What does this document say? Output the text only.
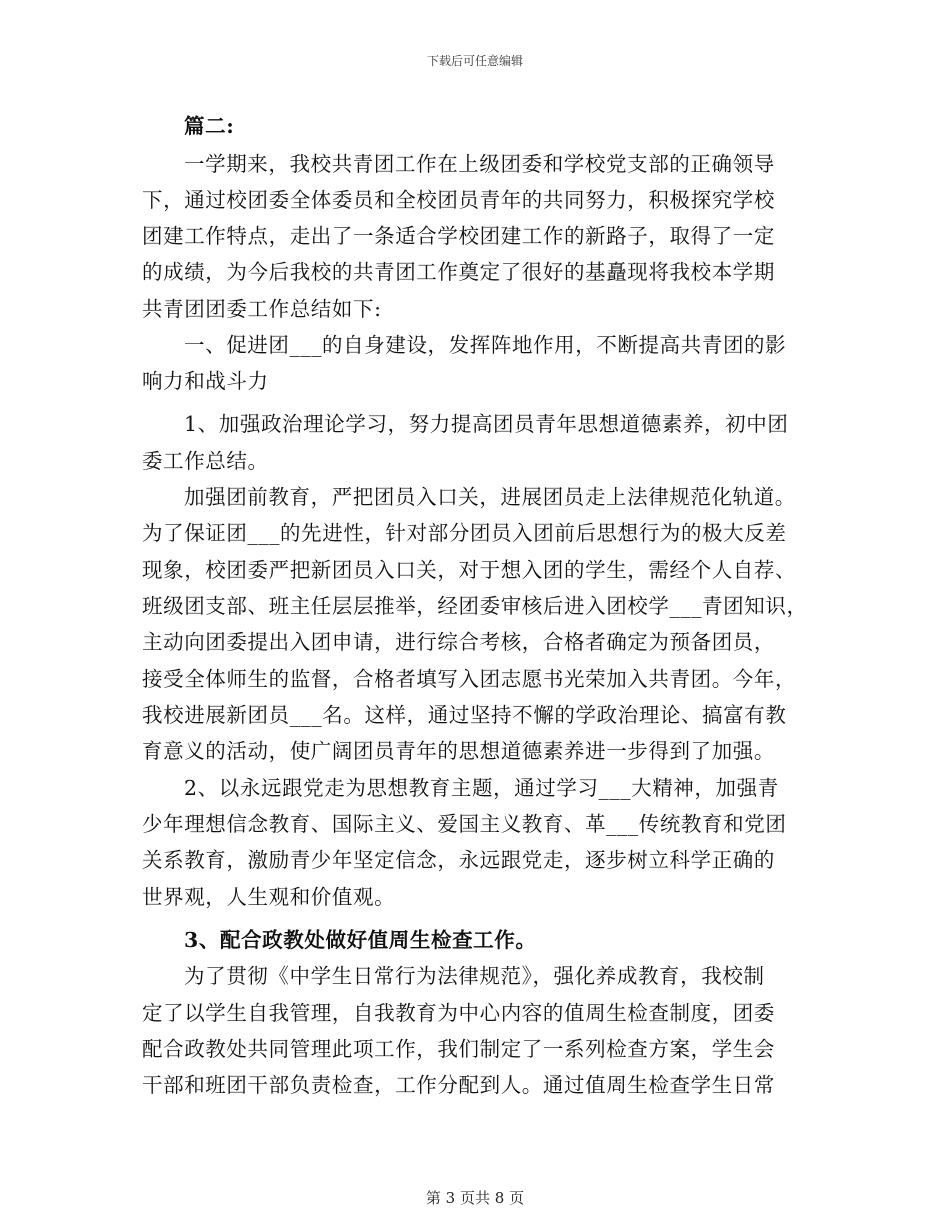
下载后可任意编辑
篇二:
一学期来，我校共青团工作在上级团委和学校党支部的正确领导
下，通过校团委全体委员和全校团员青年的共同努力，积极探究学校
团建工作特点，走出了一条适合学校团建工作的新路子，取得了一定
的成绩，为今后我校的共青团工作奠定了很好的基矗现将我校本学期
共青团团委工作总结如下:
一、促进团___的自身建设，发挥阵地作用，不断提高共青团的影
响力和战斗力
1、加强政治理论学习，努力提高团员青年思想道德素养，初中团
委工作总结。
加强团前教育，严把团员入口关，进展团员走上法律规范化轨道。
为了保证团___的先进性，针对部分团员入团前后思想行为的极大反差
现象，校团委严把新团员入口关，对于想入团的学生，需经个人自荐、
班级团支部、班主任层层推举，经团委审核后进入团校学___青团知识，
主动向团委提出入团申请，进行综合考核，合格者确定为预备团员，
接受全体师生的监督，合格者填写入团志愿书光荣加入共青团。今年，
我校进展新团员___名。这样，通过坚持不懈的学政治理论、搞富有教
育意义的活动，使广阔团员青年的思想道德素养进一步得到了加强。
2、以永远跟党走为思想教育主题，通过学习___大精神，加强青
少年理想信念教育、国际主义、爱国主义教育、革___传统教育和党团
关系教育，激励青少年坚定信念，永远跟党走，逐步树立科学正确的
世界观，人生观和价值观。
3、配合政教处做好值周生检查工作。
为了贯彻《中学生日常行为法律规范》，强化养成教育，我校制
定了以学生自我管理，自我教育为中心内容的值周生检查制度，团委
配合政教处共同管理此项工作，我们制定了一系列检查方案，学生会
干部和班团干部负责检查，工作分配到人。通过值周生检查学生日常
第 3 页共 8 页
